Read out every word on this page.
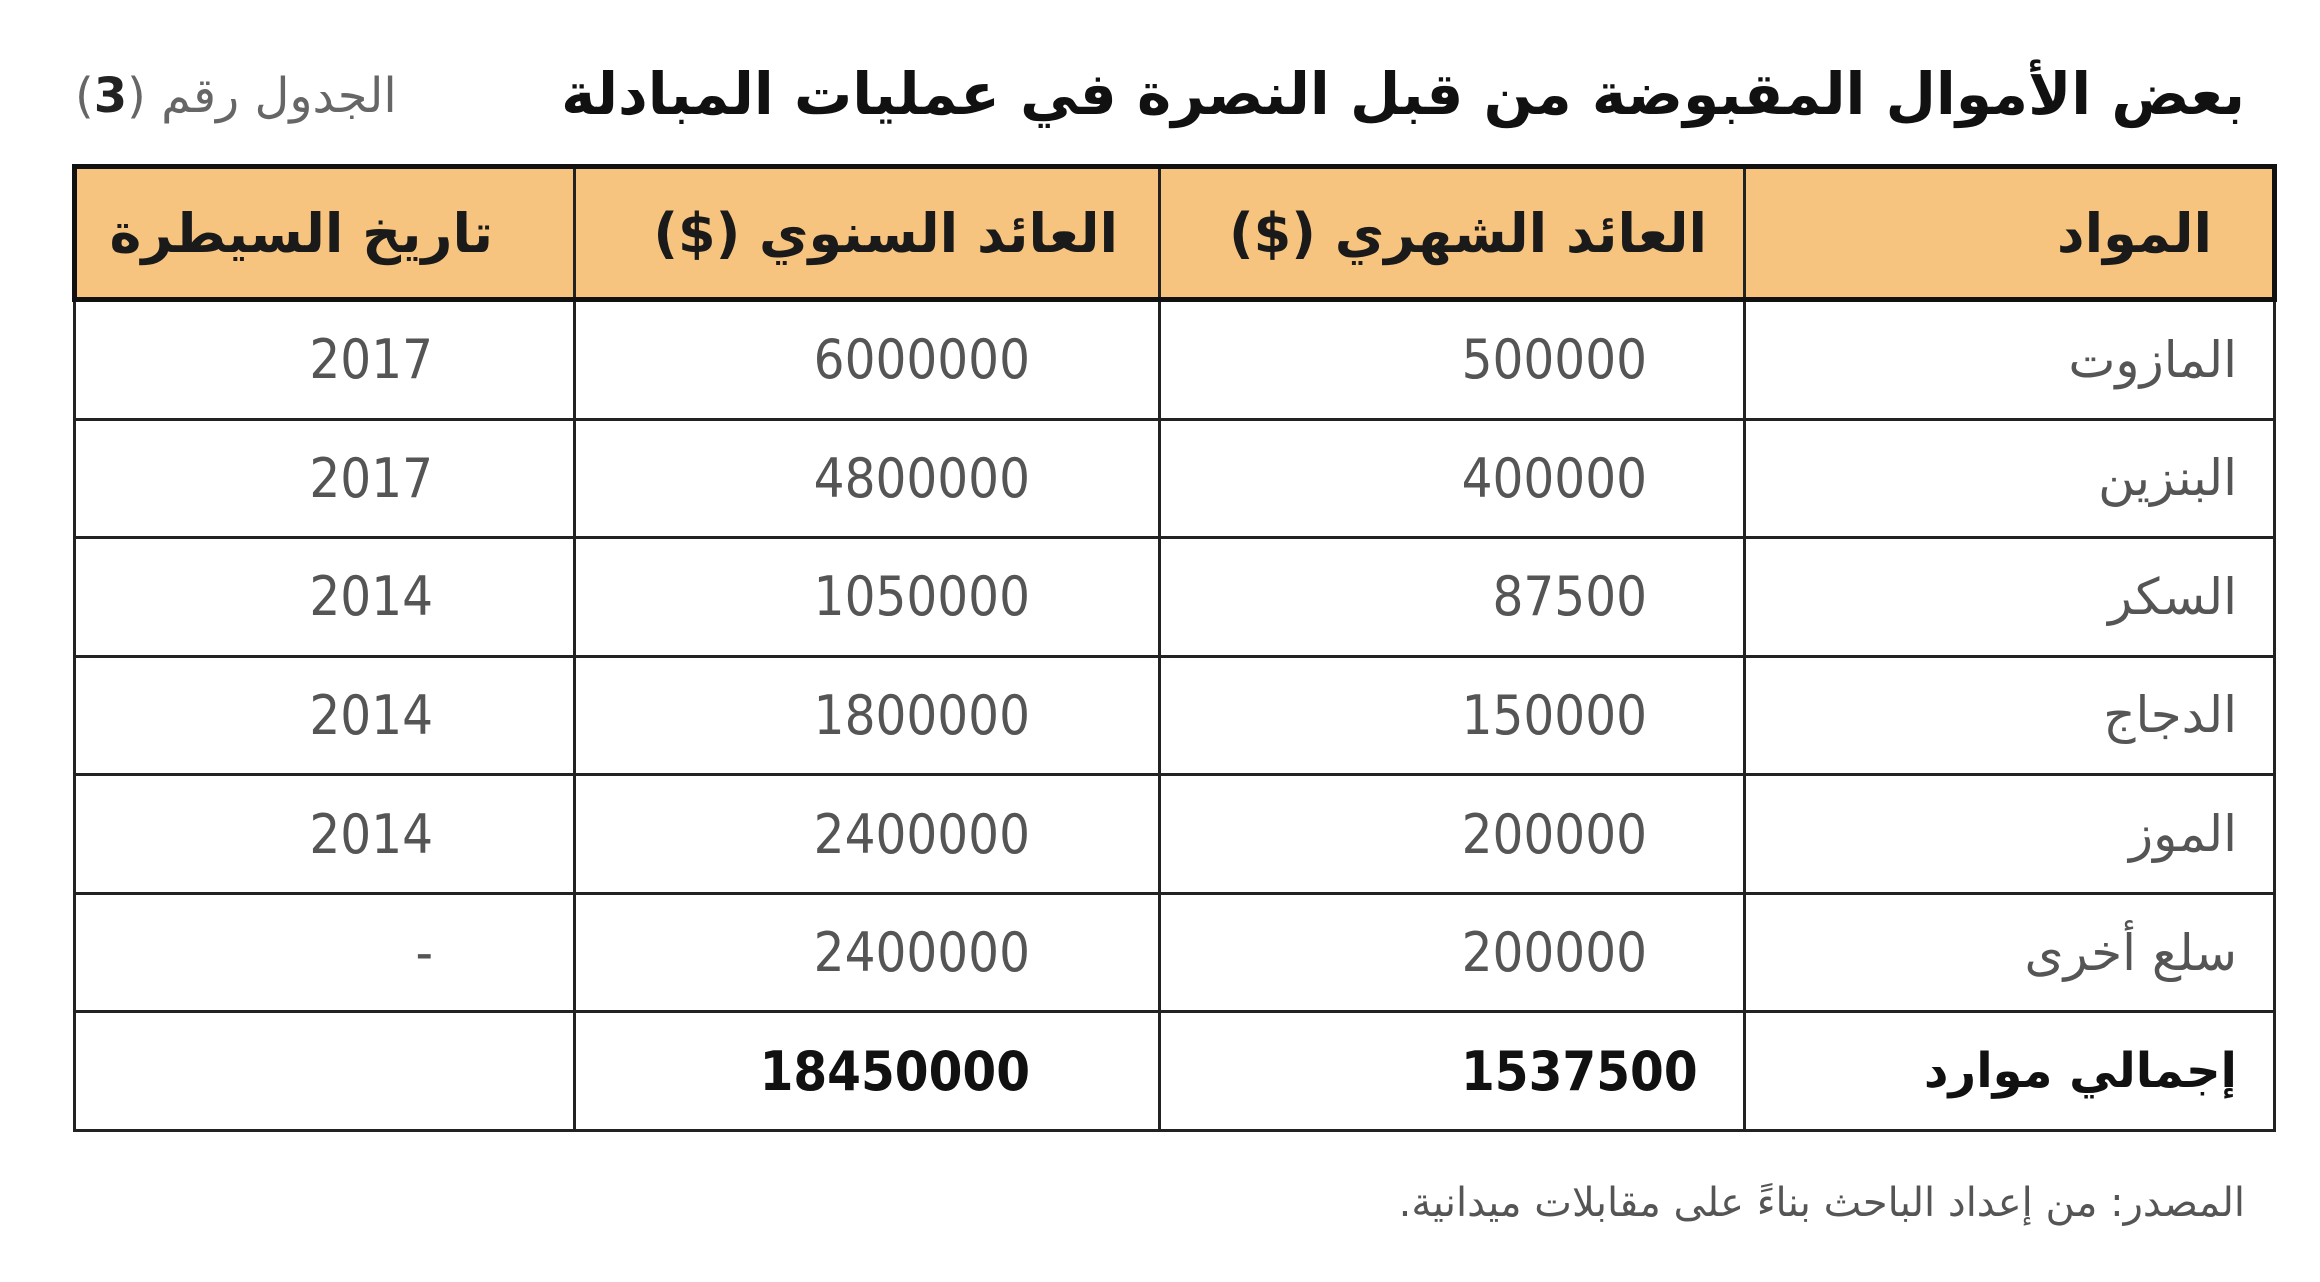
بعض الأموال المقبوضة من قبل النصرة في عمليات المبادلة
الجدول رقم (3)
المواد	العائد الشهري ($)	العائد السنوي ($)	تاريخ السيطرة
المازوت	500000	6000000	2017
البنزين	400000	4800000	2017
السكر	87500	1050000	2014
الدجاج	150000	1800000	2014
الموز	200000	2400000	2014
سلع أخرى	200000	2400000	-
إجمالي موارد	1537500	18450000	
المصدر: من إعداد الباحث بناءً على مقابلات ميدانية.
